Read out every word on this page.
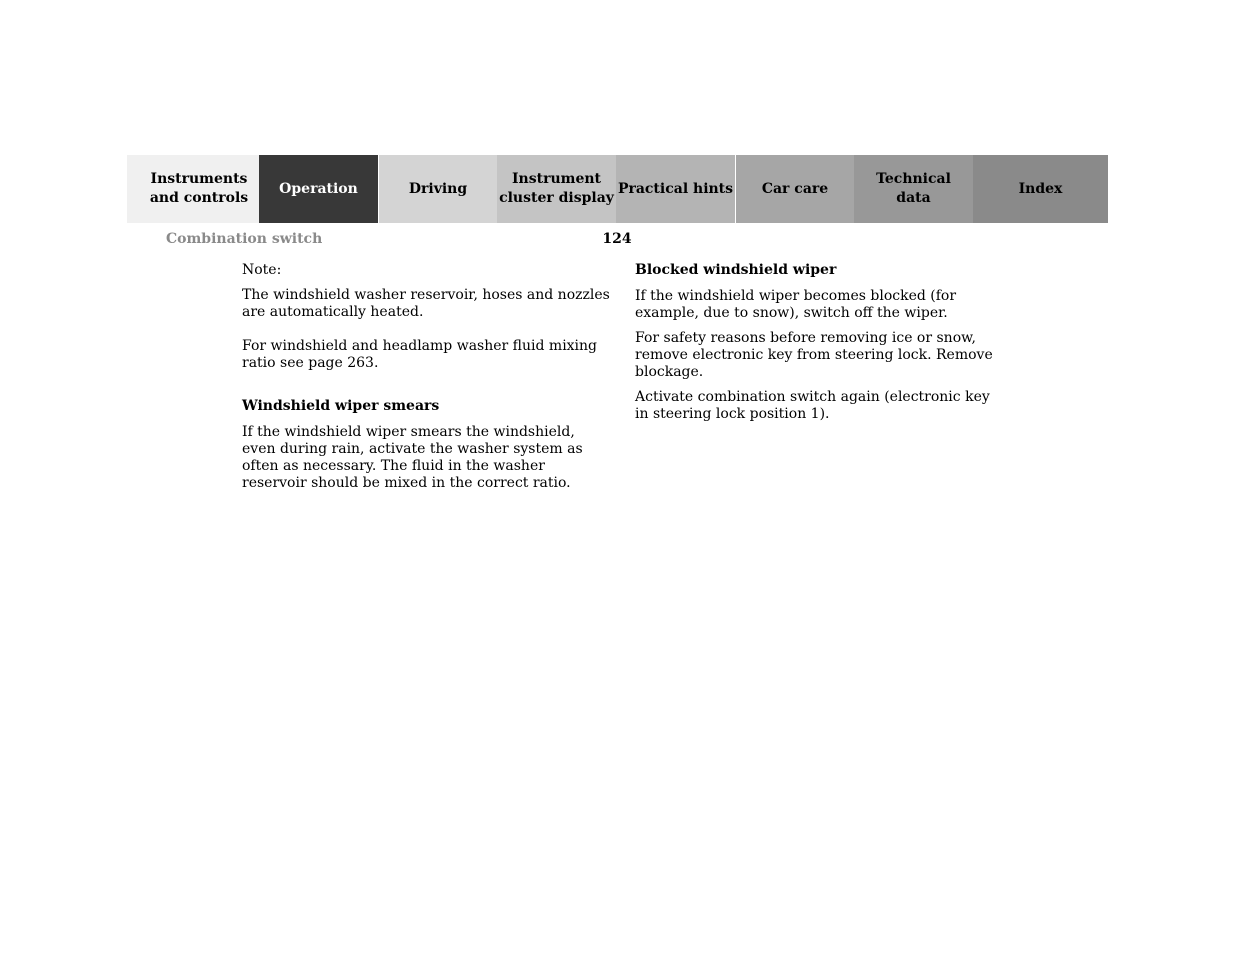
Instruments
and controls
Operation	Driving
Instrument
cluster display
Practical hints	Car care
Technical
data
Index
Combination switch	124

Note:

The windshield washer reservoir, hoses and nozzles are automatically heated.

For windshield and headlamp washer fluid mixing ratio see page 263.

Windshield wiper smears

If the windshield wiper smears the windshield, even during rain, activate the washer system as often as necessary. The fluid in the washer reservoir should be mixed in the correct ratio.

Blocked windshield wiper

If the windshield wiper becomes blocked (for example, due to snow), switch off the wiper.

For safety reasons before removing ice or snow, remove electronic key from steering lock. Remove blockage.

Activate combination switch again (electronic key in steering lock position 1).
